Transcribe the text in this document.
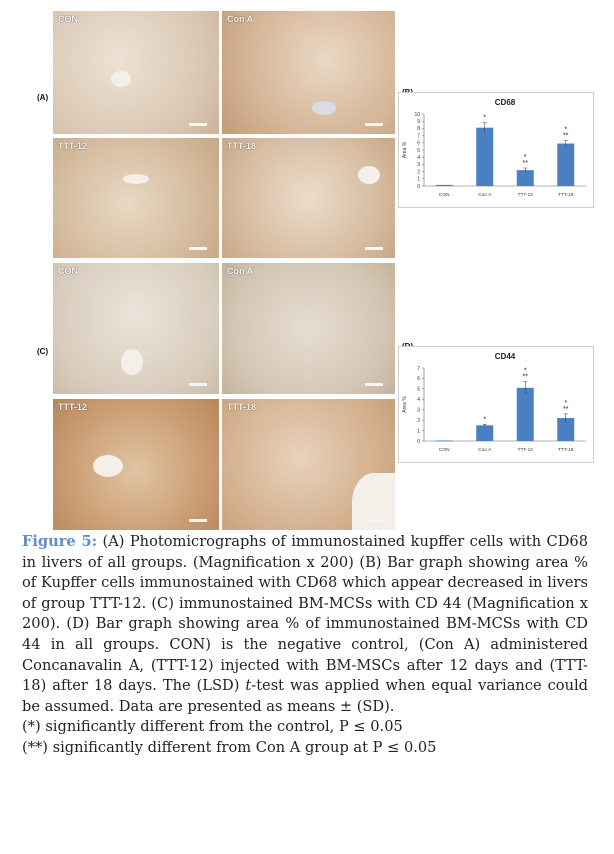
(A)
(C)
CON	Con A
TTT-12	TTT-18
CON	Con A
TTT-12	TTT-18
CD68
Area %
0
1
2
3
4
5
6
7
8
9
10
CON	Con A
*
TTT-12
*
**
TTT-18
*
**
CD44
Area %
0
1
2
3
4
5
6
7
CON	Con A
*
TTT-12
*
**
TTT-18
*
**

Figure 5: (A) Photomicrographs of immunostained kupffer cells with CD68 in livers of all groups. (Magnification x 200) (B) Bar graph showing area % of Kupffer cells immunostained with CD68 which appear decreased in livers of group TTT-12. (C) immunostained BM-MCSs with CD 44 (Magnification x 200). (D) Bar graph showing area % of immunostained BM-MCSs with CD 44 in all groups. CON) is the negative control, (Con A) administered Concanavalin A, (TTT-12) injected with BM-MSCs after 12 days and (TTT-18) after 18 days. The (LSD) t-test was applied when equal variance could be assumed. Data are presented as means ± (SD).

(*) significantly different from the control, P ≤ 0.05

(**) significantly different from Con A group at P ≤ 0.05
